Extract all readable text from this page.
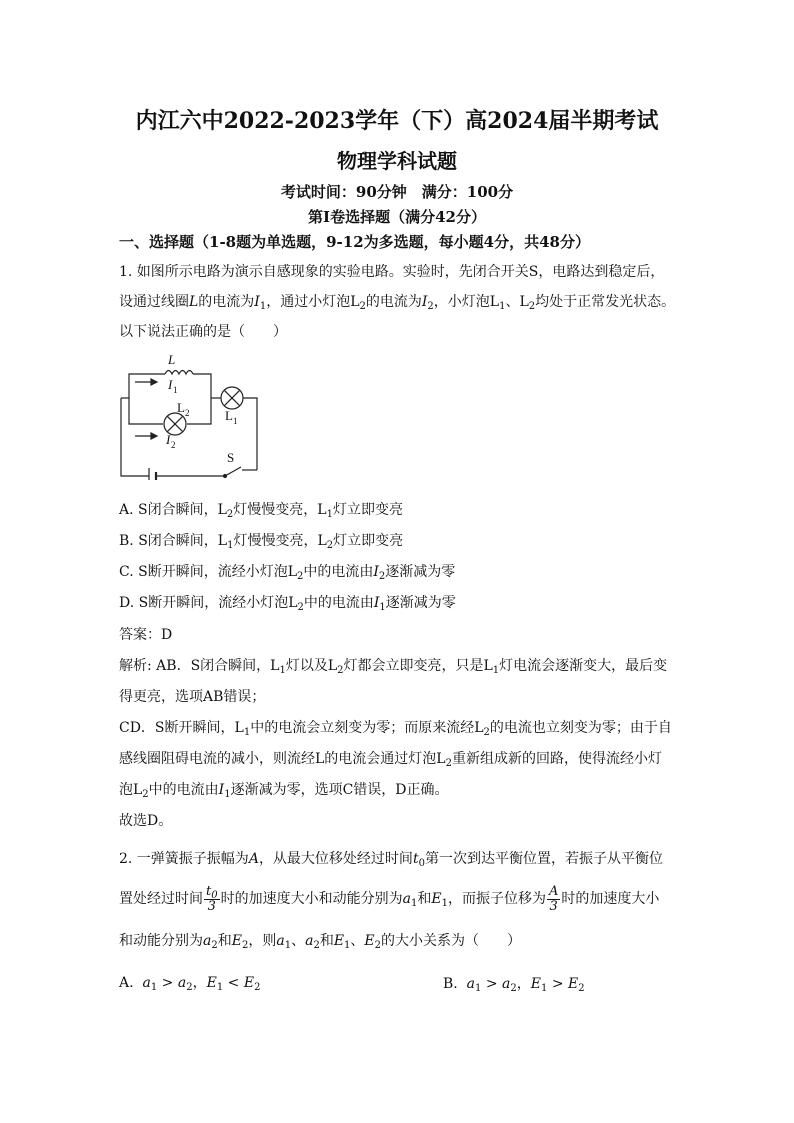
内江六中2022-2023学年（下）高2024届半期考试
物理学科试题
考试时间：90分钟　满分：100分
第I卷选择题（满分42分）
一、选择题（1-8题为单选题，9-12为多选题，每小题4分，共48分）
1. 如图所示电路为演示自感现象的实验电路。实验时，先闭合开关S，电路达到稳定后，
设通过线圈L的电流为$I_1$，通过小灯泡$L_2$的电流为$I_2$，小灯泡$L_1$、$L_2$均处于正常发光状态。
以下说法正确的是（　　）
L
I 1
L 2	L 1
I 2
S
A. S闭合瞬间，$L_2$灯慢慢变亮，$L_1$灯立即变亮
B. S闭合瞬间，$L_1$灯慢慢变亮，$L_2$灯立即变亮
C. S断开瞬间，流经小灯泡$L_2$中的电流由$I_2$逐渐减为零
D. S断开瞬间，流经小灯泡$L_2$中的电流由$I_1$逐渐减为零
答案：D
解析: AB．S闭合瞬间，$L_1$灯以及$L_2$灯都会立即变亮，只是$L_1$灯电流会逐渐变大，最后变
得更亮，选项AB错误；
CD．S断开瞬间，$L_1$中的电流会立刻变为零；而原来流经$L_2$的电流也立刻变为零；由于自
感线圈阻碍电流的减小，则流经L的电流会通过灯泡$L_2$重新组成新的回路，使得流经小灯
泡$L_2$中的电流由$I_1$逐渐减为零，选项C错误，D正确。
故选D。
2. 一弹簧振子振幅为A，从最大位移处经过时间$t_0$第一次到达平衡位置，若振子从平衡位
置处经过时间 $\frac{t_0}{3}$ 时的加速度大小和动能分别为$a_1$和$E_1$，而振子位移为 $\frac{A}{3}$ 时的加速度大小
和动能分别为$a_2$和$E_2$，则$a_1$、$a_2$和$E_1$、$E_2$的大小关系为（　　）
A. $a_1 > a_2$，$E_1 < E_2$	B. $a_1 > a_2$，$E_1 > E_2$
